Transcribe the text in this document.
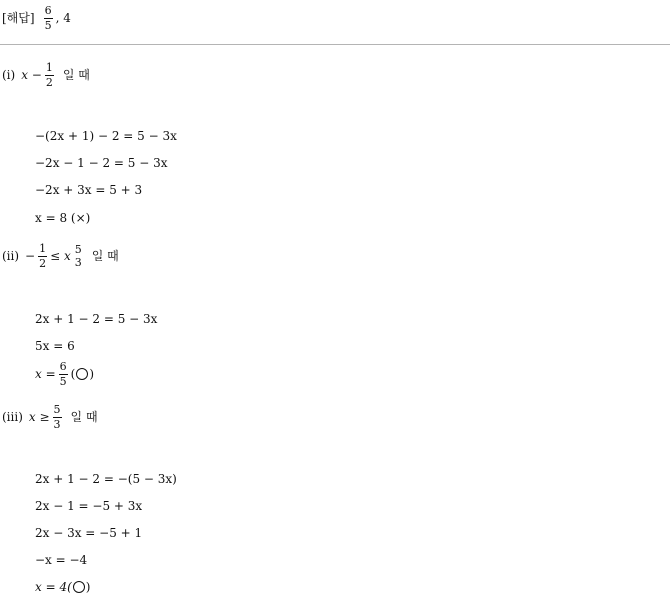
[해답] $\frac{6}{5}$ , 4
(i) $x - \frac{1}{2}$ 일 때
−(2x + 1) − 2 = 5 − 3x
−2x − 1 − 2 = 5 − 3x
−2x + 3x = 5 + 3
x = 8 (×)
$(ii) - \frac{1}{2} \le x$
5
3 일 때
2x + 1 − 2 = 5 − 3x
5x = 6
$x = \frac{6}{5}$ ( ○ )
(iii) $x \ge \frac{5}{3}$ 일 때
2x + 1 − 2 = −(5 − 3x)
2x − 1 = −5 + 3x
2x − 3x = −5 + 1
−x = −4
x = 4( ○ )
